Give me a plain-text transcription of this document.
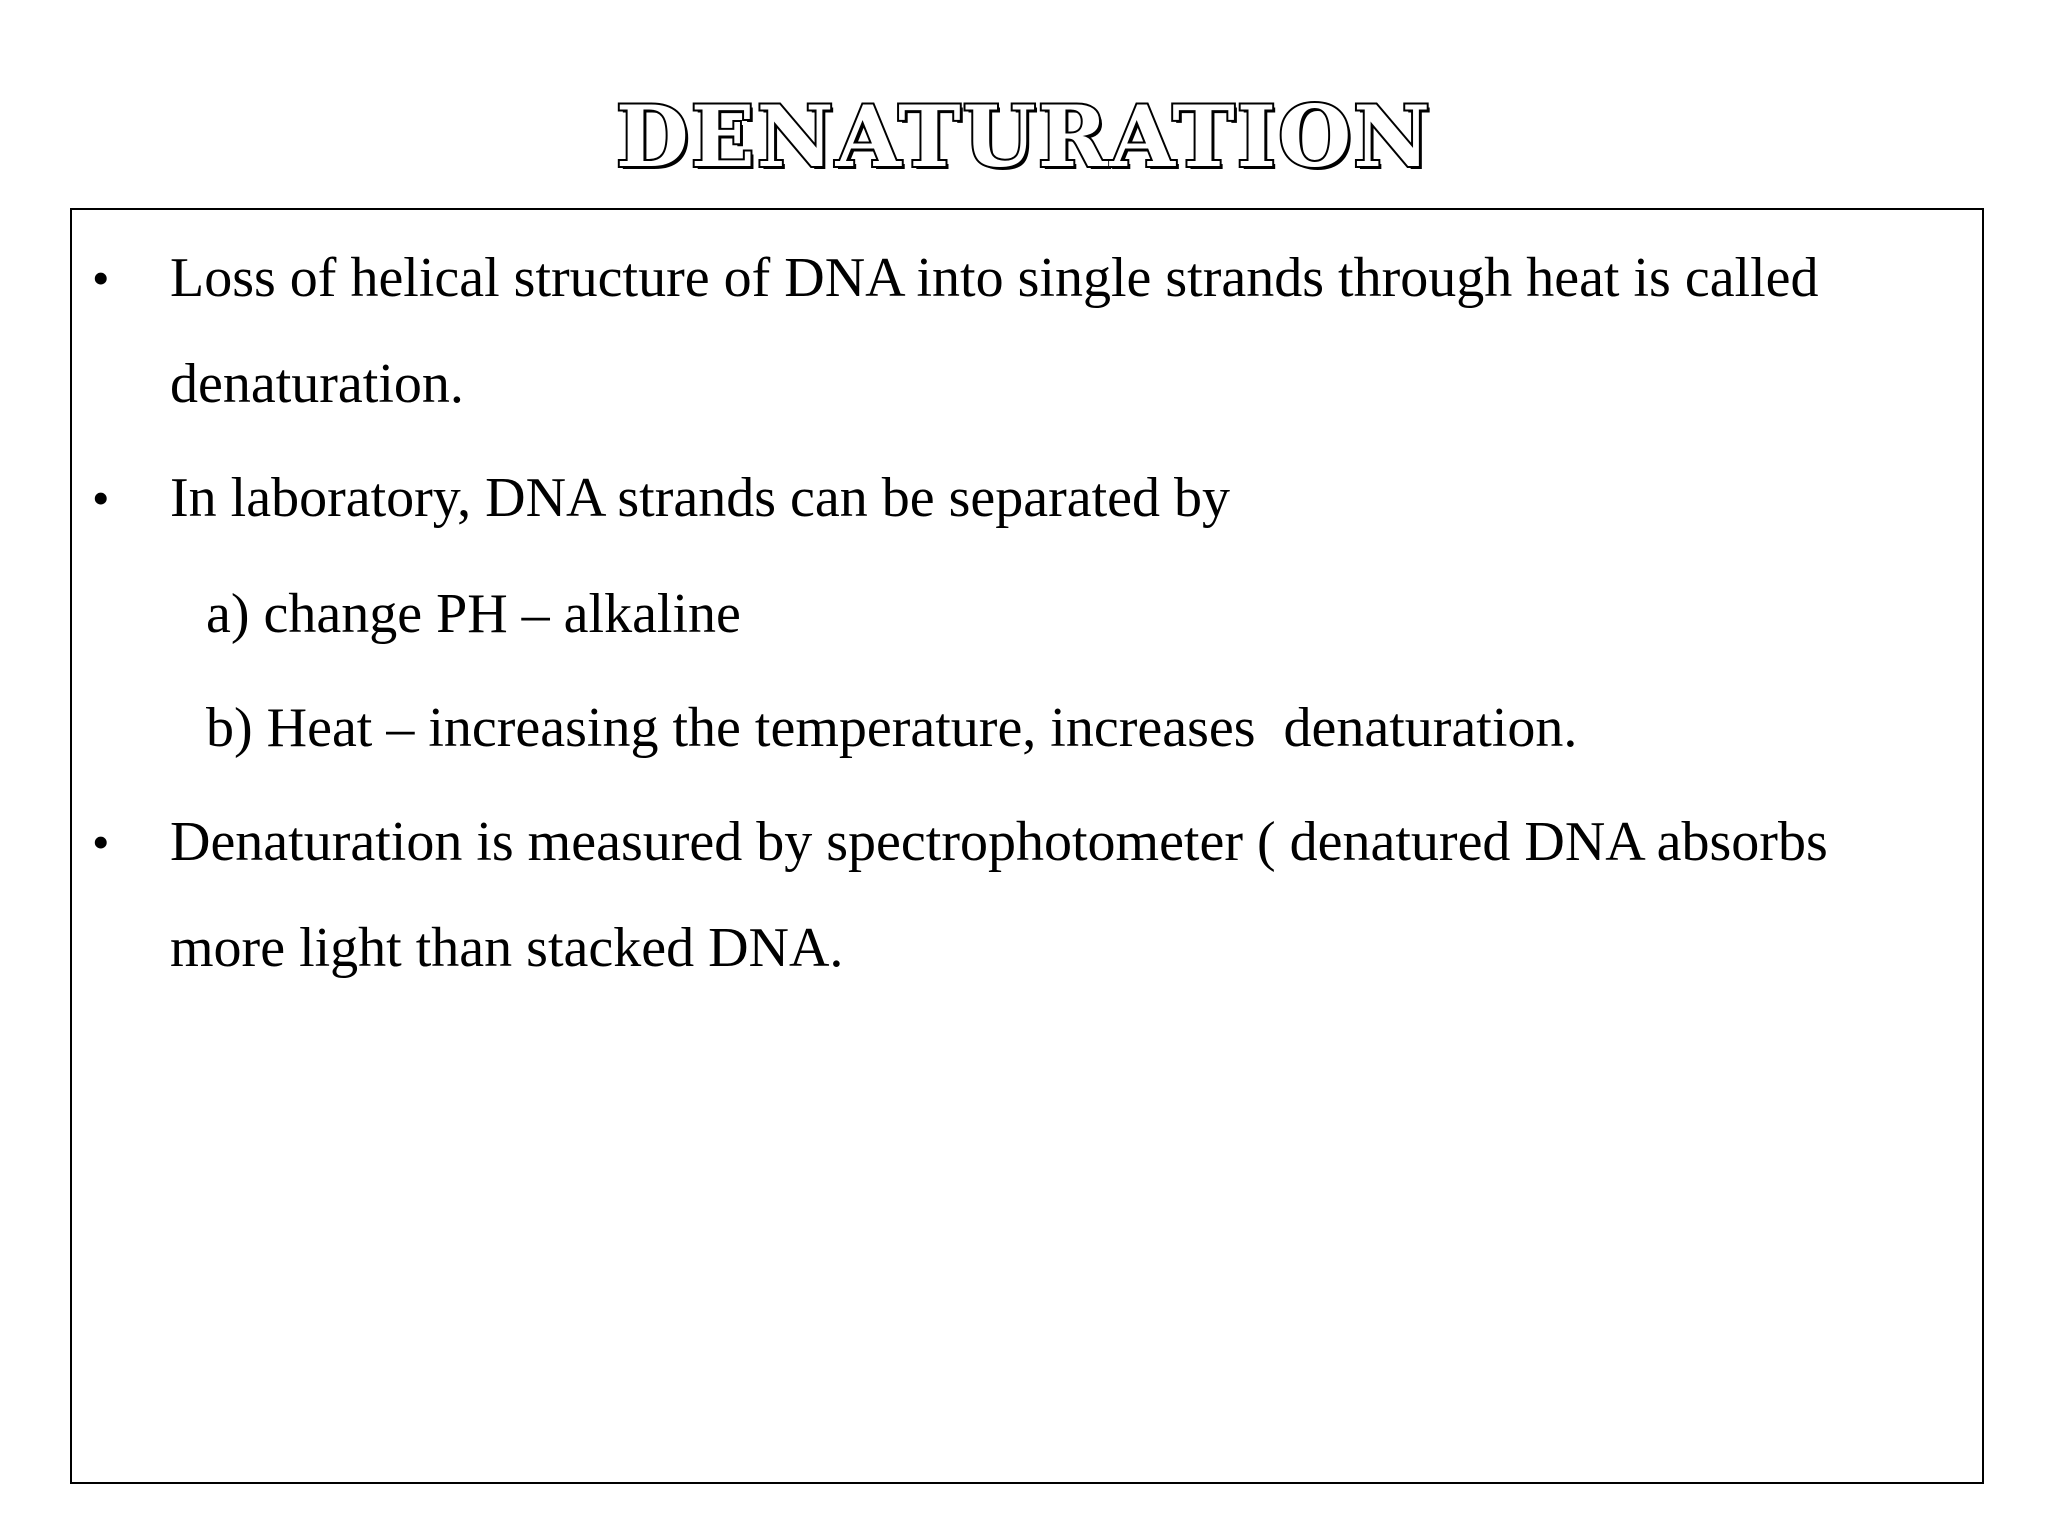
DENATURATION
• Loss of helical structure of DNA into single strands through heat is called
denaturation.
• In laboratory, DNA strands can be separated by
a) change PH – alkaline
b) Heat – increasing the temperature, increases  denaturation.
• Denaturation is measured by spectrophotometer ( denatured DNA absorbs
more light than stacked DNA.
